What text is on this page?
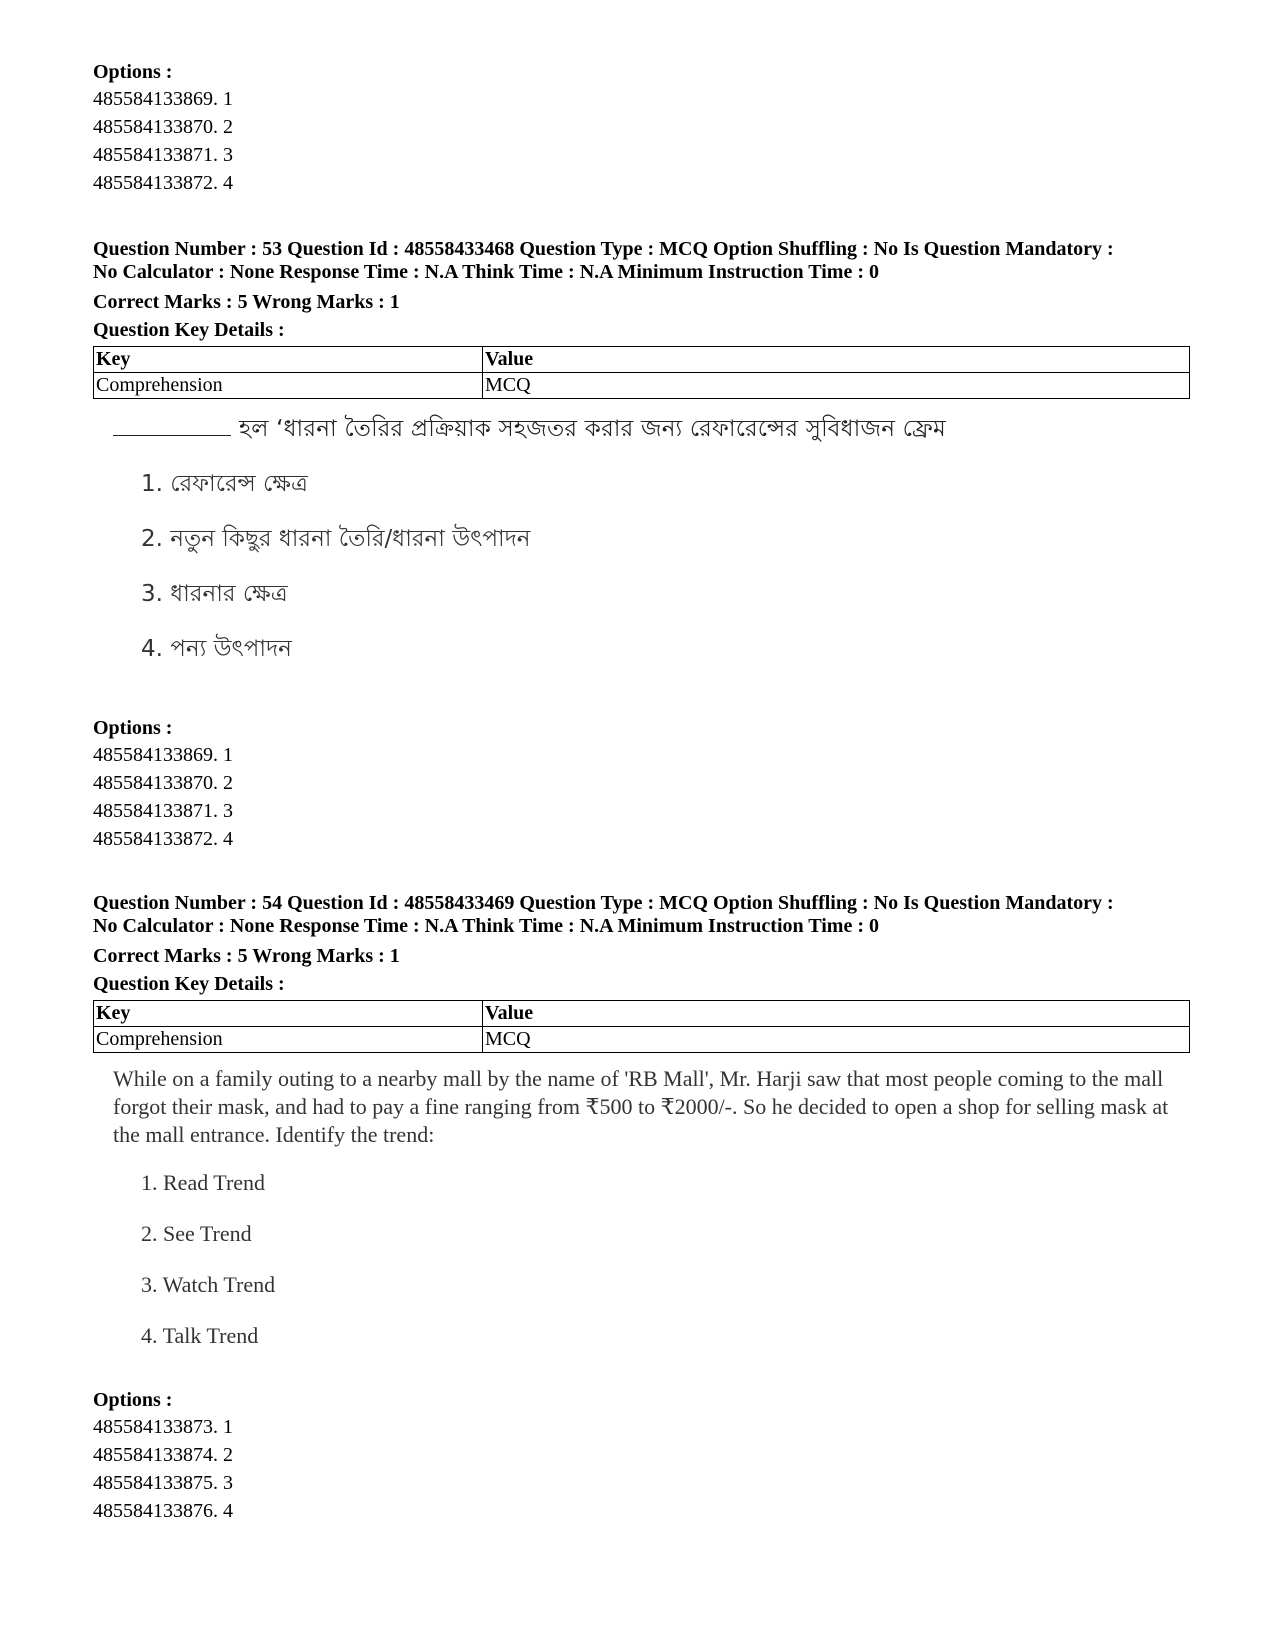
Options :
485584133869. 1
485584133870. 2
485584133871. 3
485584133872. 4
Question Number : 53 Question Id : 48558433468 Question Type : MCQ Option Shuffling : No Is Question Mandatory :
No Calculator : None Response Time : N.A Think Time : N.A Minimum Instruction Time : 0
Correct Marks : 5 Wrong Marks : 1
Question Key Details :
Key	Value
Comprehension	MCQ
হল ‘ধারনা তৈরির প্রক্রিয়াক সহজতর করার জন্য রেফারেন্সের সুবিধাজন ফ্রেম
1. রেফারেন্স ক্ষেত্র
2. নতুন কিছুর ধারনা তৈরি/ধারনা উৎপাদন
3. ধারনার ক্ষেত্র
4. পন্য উৎপাদন
Options :
485584133869. 1
485584133870. 2
485584133871. 3
485584133872. 4
Question Number : 54 Question Id : 48558433469 Question Type : MCQ Option Shuffling : No Is Question Mandatory :
No Calculator : None Response Time : N.A Think Time : N.A Minimum Instruction Time : 0
Correct Marks : 5 Wrong Marks : 1
Question Key Details :
Key	Value
Comprehension	MCQ
While on a family outing to a nearby mall by the name of 'RB Mall', Mr. Harji saw that most people coming to the mall forgot their mask, and had to pay a fine ranging from ₹500 to ₹2000/-. So he decided to open a shop for selling mask at the mall entrance. Identify the trend:
1. Read Trend
2. See Trend
3. Watch Trend
4. Talk Trend
Options :
485584133873. 1
485584133874. 2
485584133875. 3
485584133876. 4
